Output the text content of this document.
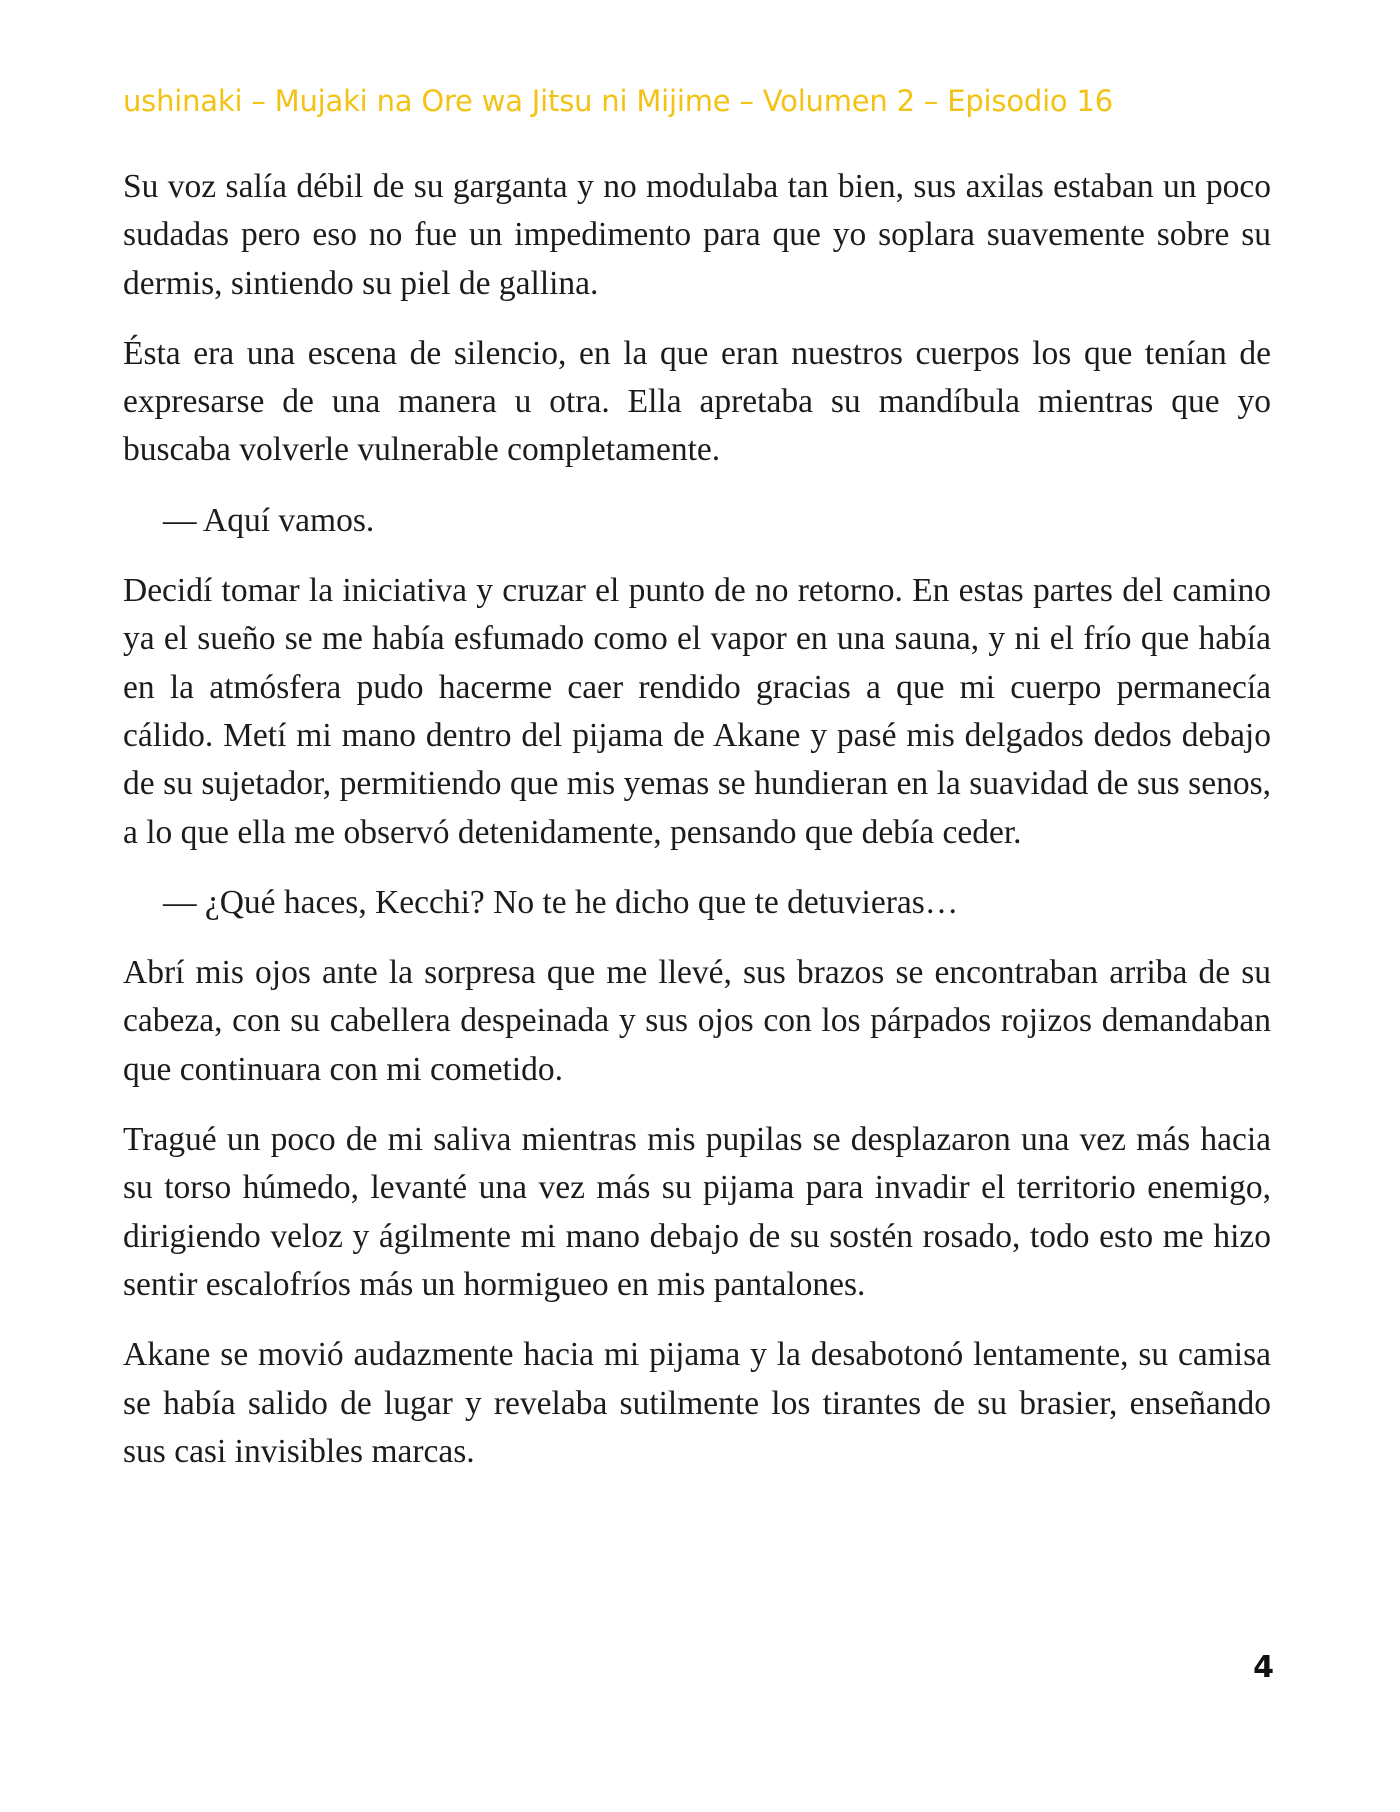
ushinaki – Mujaki na Ore wa Jitsu ni Mijime – Volumen 2 – Episodio 16

Su voz salía débil de su garganta y no modulaba tan bien, sus axilas estaban un poco sudadas pero eso no fue un impedimento para que yo soplara suavemente sobre su dermis, sintiendo su piel de gallina.

Ésta era una escena de silencio, en la que eran nuestros cuerpos los que tenían de expresarse de una manera u otra. Ella apretaba su mandíbula mientras que yo buscaba volverle vulnerable completamente.

— Aquí vamos.

Decidí tomar la iniciativa y cruzar el punto de no retorno. En estas partes del camino ya el sueño se me había esfumado como el vapor en una sauna, y ni el frío que había en la atmósfera pudo hacerme caer rendido gracias a que mi cuerpo permanecía cálido. Metí mi mano dentro del pijama de Akane y pasé mis delgados dedos debajo de su sujetador, permitiendo que mis yemas se hundieran en la suavidad de sus senos, a lo que ella me observó detenidamente, pensando que debía ceder.

— ¿Qué haces, Kecchi? No te he dicho que te detuvieras…

Abrí mis ojos ante la sorpresa que me llevé, sus brazos se encontraban arriba de su cabeza, con su cabellera despeinada y sus ojos con los párpados rojizos demandaban que continuara con mi cometido.

Tragué un poco de mi saliva mientras mis pupilas se desplazaron una vez más hacia su torso húmedo, levanté una vez más su pijama para invadir el territorio enemigo, dirigiendo veloz y ágilmente mi mano debajo de su sostén rosado, todo esto me hizo sentir escalofríos más un hormigueo en mis pantalones.

Akane se movió audazmente hacia mi pijama y la desabotonó lentamente, su camisa se había salido de lugar y revelaba sutilmente los tirantes de su brasier, enseñando sus casi invisibles marcas.

4
